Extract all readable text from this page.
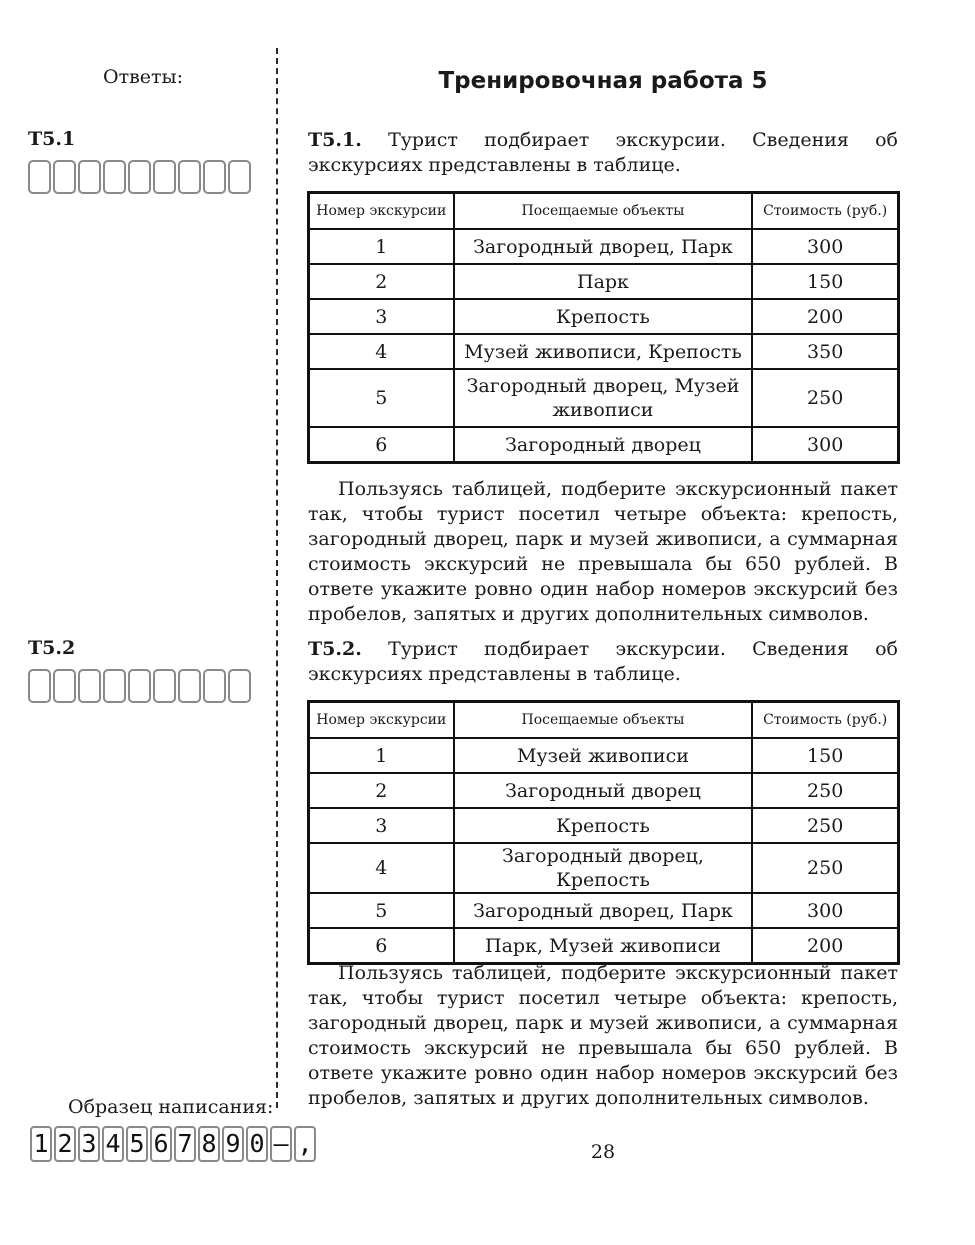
Ответы:
T5.1
T5.2
Тренировочная работа 5
Т5.1. Турист подбирает экскурсии. Сведения об экскурсиях представлены в таблице.
Номер экскурсии	Посещаемые объекты	Стоимость (руб.)
1	Загородный дворец, Парк	300
2	Парк	150
3	Крепость	200
4	Музей живописи, Крепость	350
5	Загородный дворец, Музей живописи	250
6	Загородный дворец	300
Пользуясь таблицей, подберите экскурсионный пакет так, чтобы турист посетил четыре объекта: крепость, загородный дворец, парк и музей живописи, а суммарная стоимость экскурсий не превышала бы 650 рублей. В ответе укажите ровно один набор номеров экскурсий без пробелов, запятых и других дополнительных символов.
Т5.2. Турист подбирает экскурсии. Сведения об экскурсиях представлены в таблице.
Номер экскурсии	Посещаемые объекты	Стоимость (руб.)
1	Музей живописи	150
2	Загородный дворец	250
3	Крепость	250
4	Загородный дворец, Крепость	250
5	Загородный дворец, Парк	300
6	Парк, Музей живописи	200
Пользуясь таблицей, подберите экскурсионный пакет так, чтобы турист посетил четыре объекта: крепость, загородный дворец, парк и музей живописи, а суммарная стоимость экскурсий не превышала бы 650 рублей. В ответе укажите ровно один набор номеров экскурсий без пробелов, запятых и других дополнительных символов.
Образец написания:
1 2 3 4 5 6 7 8 9 0 – ,	28
